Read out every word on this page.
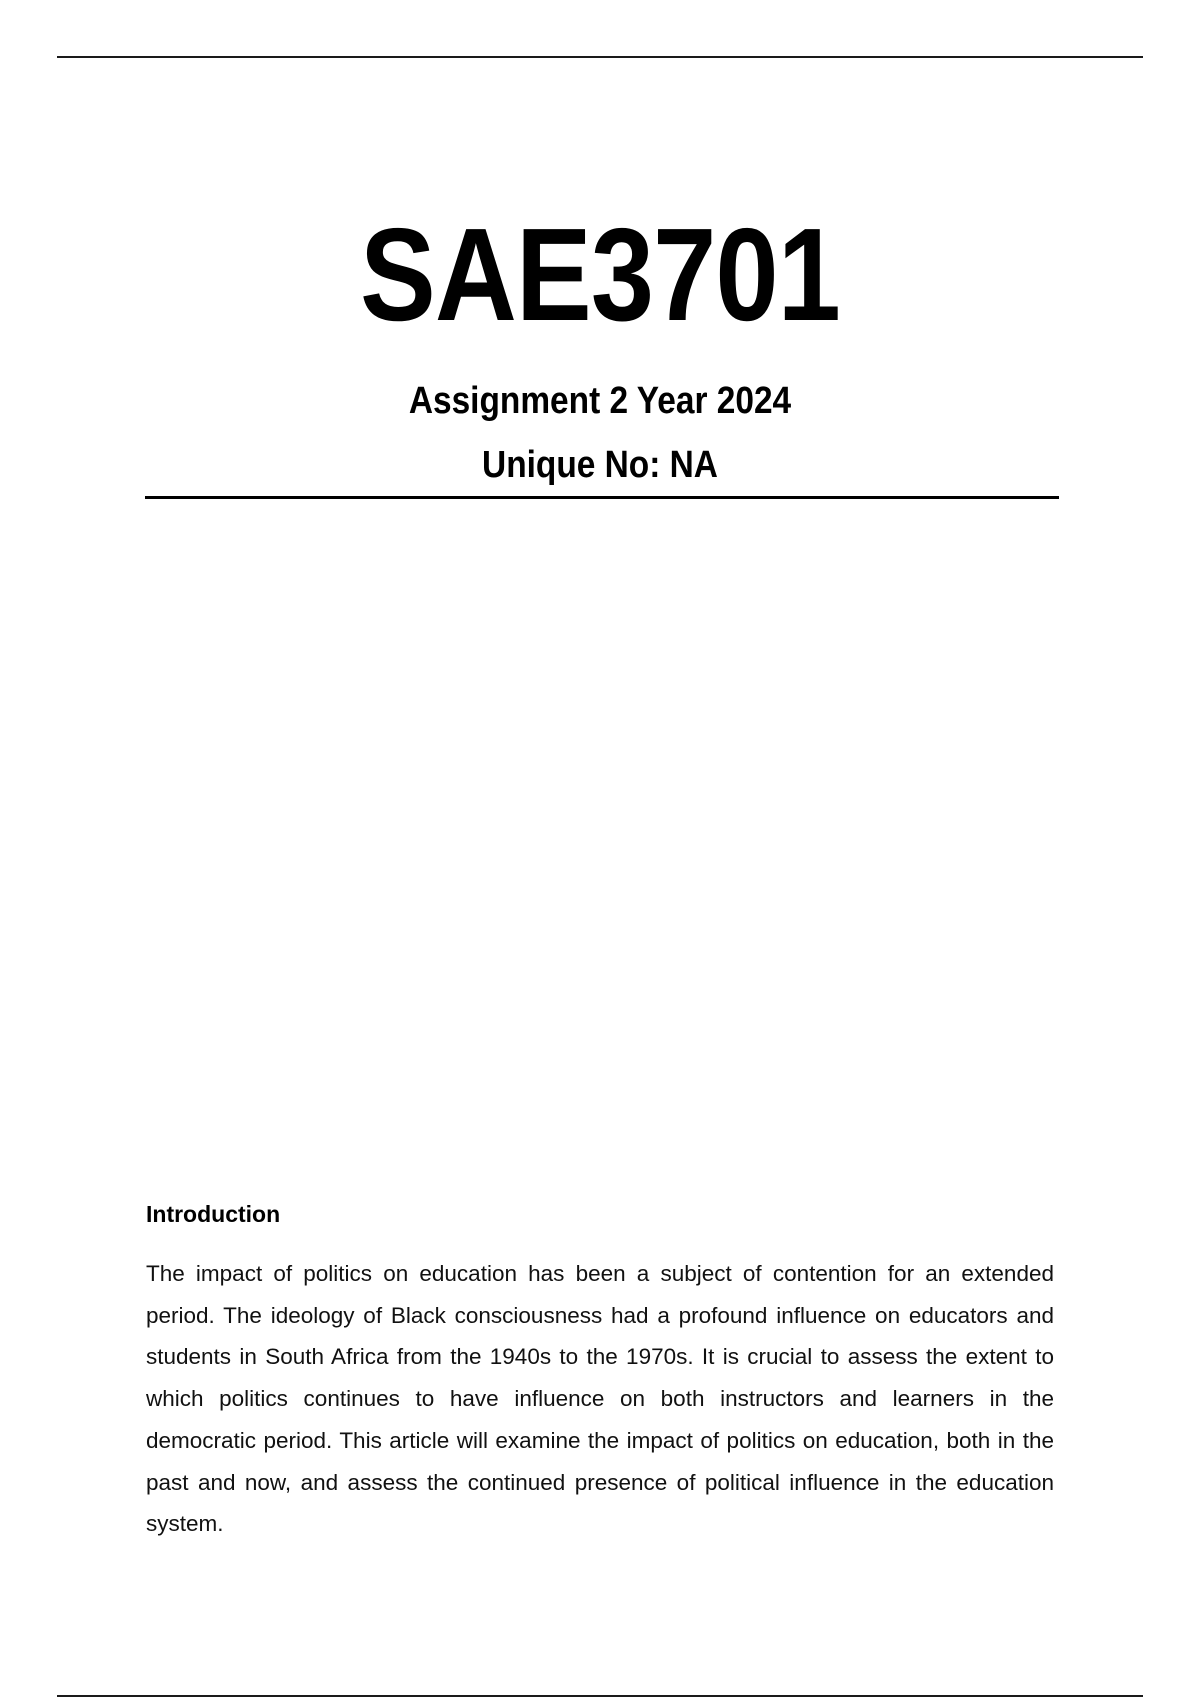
SAE3701
Assignment 2 Year 2024
Unique No: NA
Introduction
The impact of politics on education has been a subject of contention for an extended period. The ideology of Black consciousness had a profound influence on educators and students in South Africa from the 1940s to the 1970s. It is crucial to assess the extent to which politics continues to have influence on both instructors and learners in the democratic period. This article will examine the impact of politics on education, both in the past and now, and assess the continued presence of political influence in the education system.
